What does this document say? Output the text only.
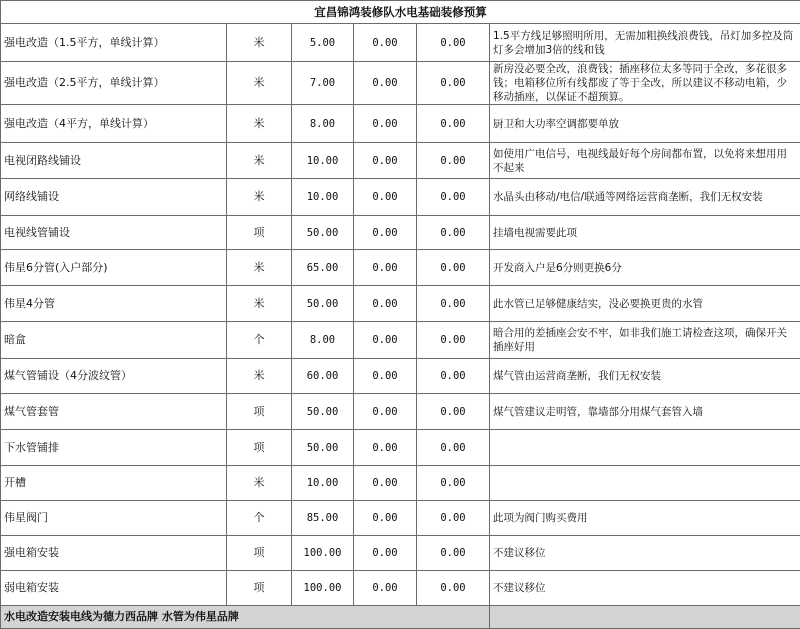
宜昌锦鸿装修队水电基础装修预算					
强电改造（1.5平方，单线计算）	米	5.00	0.00	0.00	1.5平方线足够照明所用，无需加粗换线浪费钱，吊灯加多控及筒灯多会增加3倍的线和钱
强电改造（2.5平方，单线计算）	米	7.00	0.00	0.00	新房没必要全改，浪费钱；插座移位太多等同于全改，多花很多钱；电箱移位所有线都废了等于全改，所以建议不移动电箱，少移动插座，以保证不超预算。
强电改造（4平方，单线计算）	米	8.00	0.00	0.00	厨卫和大功率空调都要单放
电视闭路线铺设	米	10.00	0.00	0.00	如使用广电信号，电视线最好每个房间都布置，以免将来想用用不起来
网络线铺设	米	10.00	0.00	0.00	水晶头由移动/电信/联通等网络运营商垄断，我们无权安装
电视线管铺设	项	50.00	0.00	0.00	挂墙电视需要此项
伟星6分管(入户部分)	米	65.00	0.00	0.00	开发商入户是6分则更换6分
伟星4分管	米	50.00	0.00	0.00	此水管已足够健康结实，没必要换更贵的水管
暗盒	个	8.00	0.00	0.00	暗合用的差插座会安不牢，如非我们施工请检查这项，确保开关插座好用
煤气管铺设（4分波纹管）	米	60.00	0.00	0.00	煤气管由运营商垄断，我们无权安装
煤气管套管	项	50.00	0.00	0.00	煤气管建议走明管，靠墙部分用煤气套管入墙
下水管铺排	项	50.00	0.00	0.00	
开槽	米	10.00	0.00	0.00	
伟星阀门	个	85.00	0.00	0.00	此项为阀门购买费用
强电箱安装	项	100.00	0.00	0.00	不建议移位
弱电箱安装	项	100.00	0.00	0.00	不建议移位
水电改造安装电线为德力西品牌 水管为伟星品牌					
